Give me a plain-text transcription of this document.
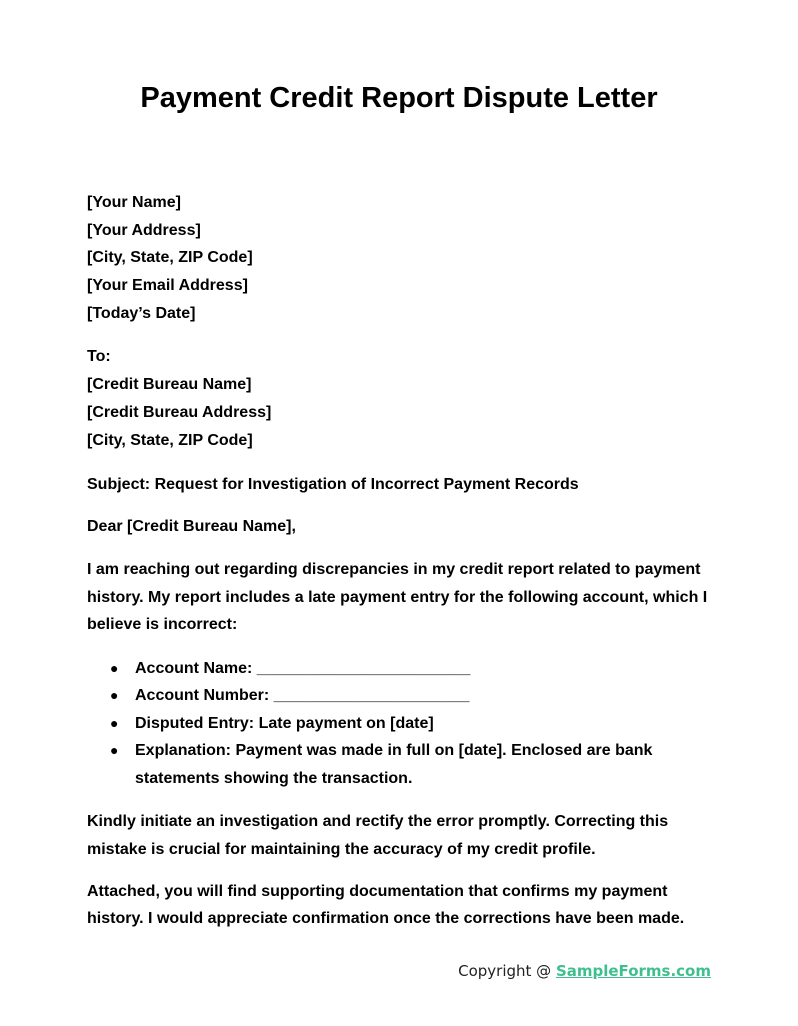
Payment Credit Report Dispute Letter
[Your Name]
[Your Address]
[City, State, ZIP Code]
[Your Email Address]
[Today’s Date]
To:
[Credit Bureau Name]
[Credit Bureau Address]
[City, State, ZIP Code]
Subject: Request for Investigation of Incorrect Payment Records
Dear [Credit Bureau Name],

I am reaching out regarding discrepancies in my credit report related to payment history. My report includes a late payment entry for the following account, which I believe is incorrect:

● Account Name: ________________________
● Account Number: ______________________
● Disputed Entry: Late payment on [date]
● Explanation: Payment was made in full on [date]. Enclosed are bank statements showing the transaction.

Kindly initiate an investigation and rectify the error promptly. Correcting this mistake is crucial for maintaining the accuracy of my credit profile.

Attached, you will find supporting documentation that confirms my payment history. I would appreciate confirmation once the corrections have been made.

Copyright @ SampleForms.com
